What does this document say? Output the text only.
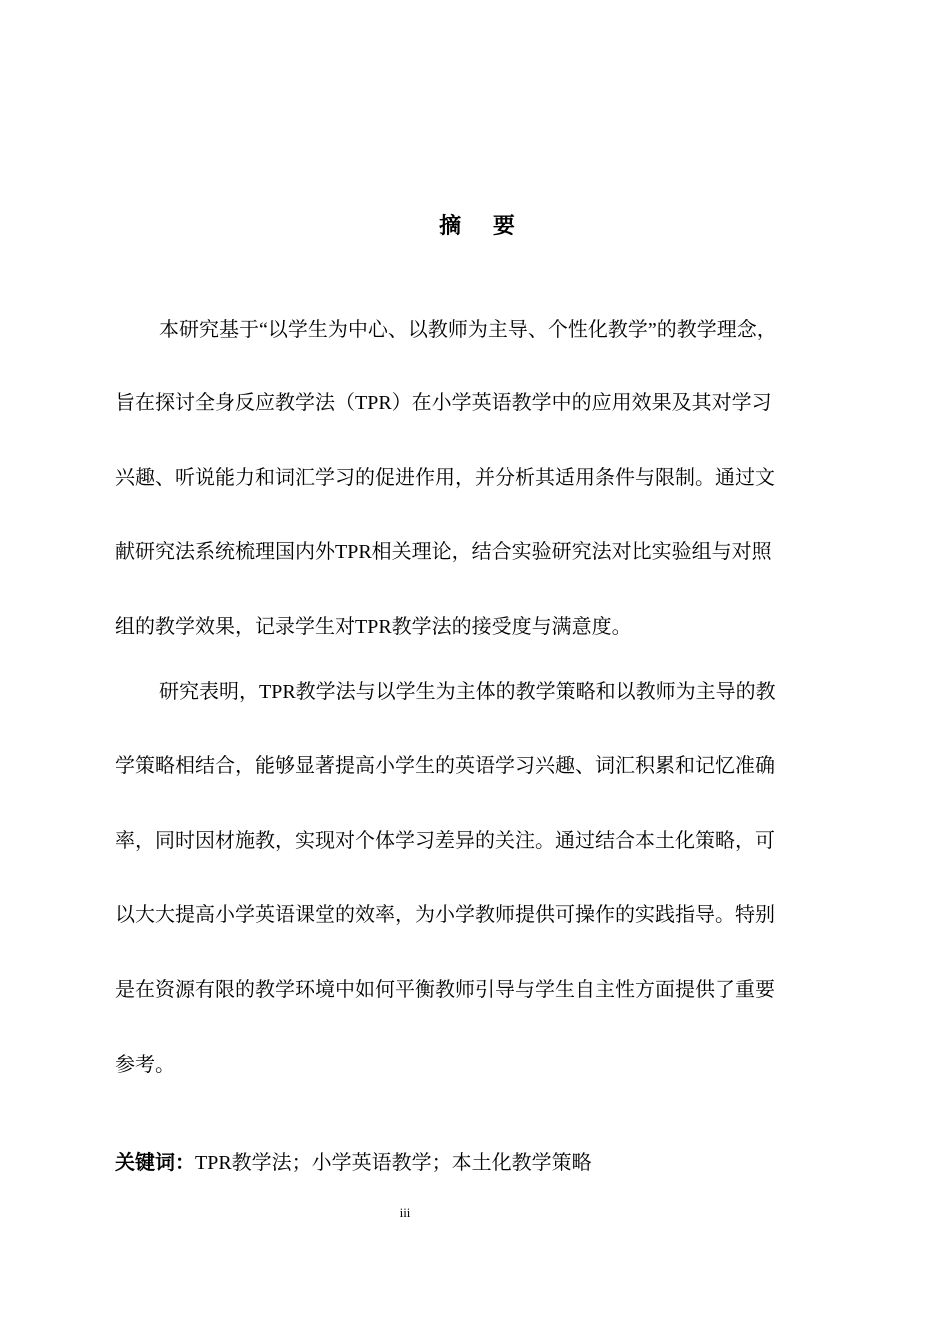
摘 要
本研究基于“以学生为中心、以教师为主导、个性化教学”的教学理念，
旨在探讨全身反应教学法（TPR）在小学英语教学中的应用效果及其对学习
兴趣、听说能力和词汇学习的促进作用，并分析其适用条件与限制。通过文
献研究法系统梳理国内外TPR相关理论，结合实验研究法对比实验组与对照
组的教学效果，记录学生对TPR教学法的接受度与满意度。
研究表明，TPR教学法与以学生为主体的教学策略和以教师为主导的教
学策略相结合，能够显著提高小学生的英语学习兴趣、词汇积累和记忆准确
率，同时因材施教，实现对个体学习差异的关注。通过结合本土化策略，可
以大大提高小学英语课堂的效率，为小学教师提供可操作的实践指导。特别
是在资源有限的教学环境中如何平衡教师引导与学生自主性方面提供了重要
参考。
关键词：TPR教学法；小学英语教学；本土化教学策略
iii
